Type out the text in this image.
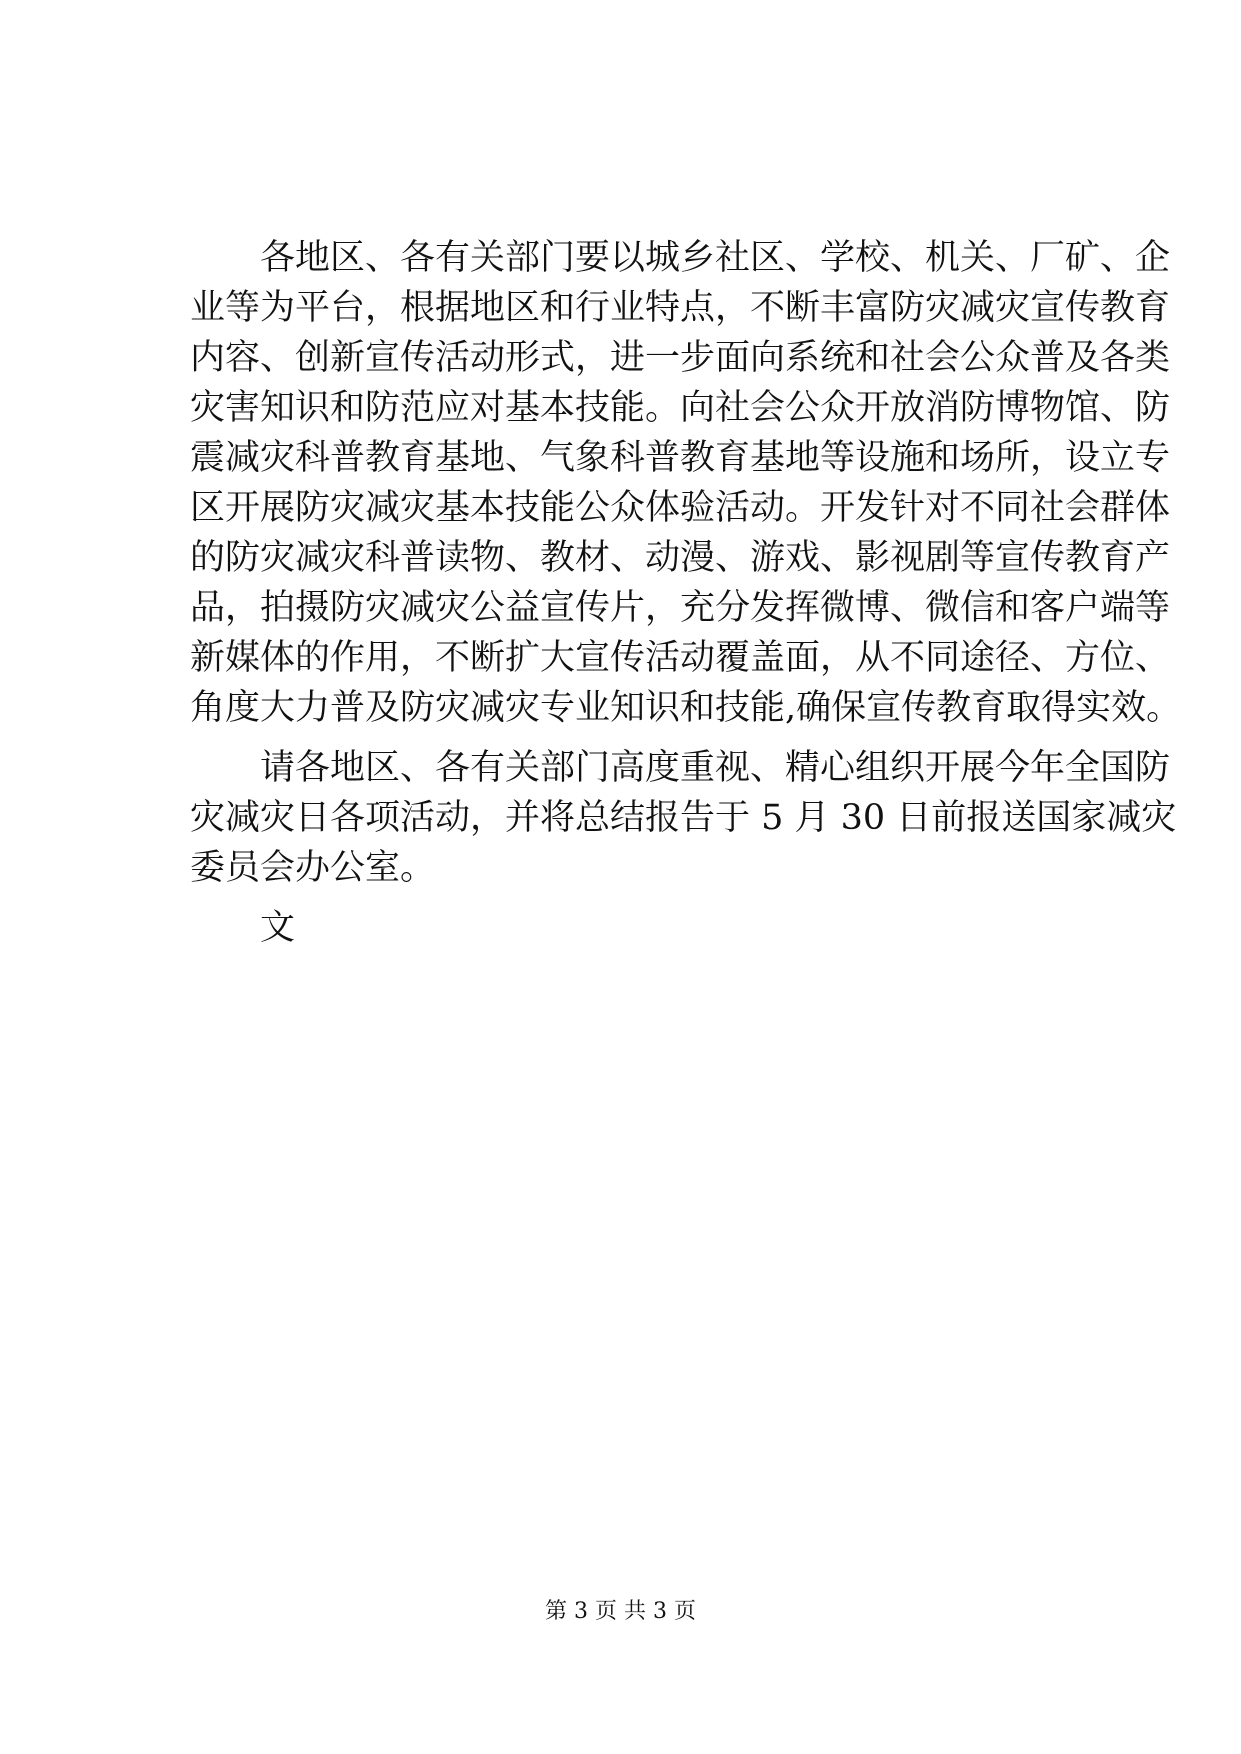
　　各地区、各有关部门要以城乡社区、学校、机关、厂矿、企
业等为平台，根据地区和行业特点，不断丰富防灾减灾宣传教育
内容、创新宣传活动形式，进一步面向系统和社会公众普及各类
灾害知识和防范应对基本技能。向社会公众开放消防博物馆、防
震减灾科普教育基地、气象科普教育基地等设施和场所，设立专
区开展防灾减灾基本技能公众体验活动。开发针对不同社会群体
的防灾减灾科普读物、教材、动漫、游戏、影视剧等宣传教育产
品，拍摄防灾减灾公益宣传片，充分发挥微博、微信和客户端等
新媒体的作用，不断扩大宣传活动覆盖面，从不同途径、方位、
角度大力普及防灾减灾专业知识和技能,确保宣传教育取得实效。
　　请各地区、各有关部门高度重视、精心组织开展今年全国防
灾减灾日各项活动，并将总结报告于 5 月 30 日前报送国家减灾
委员会办公室。
　　文
第 3 页 共 3 页
